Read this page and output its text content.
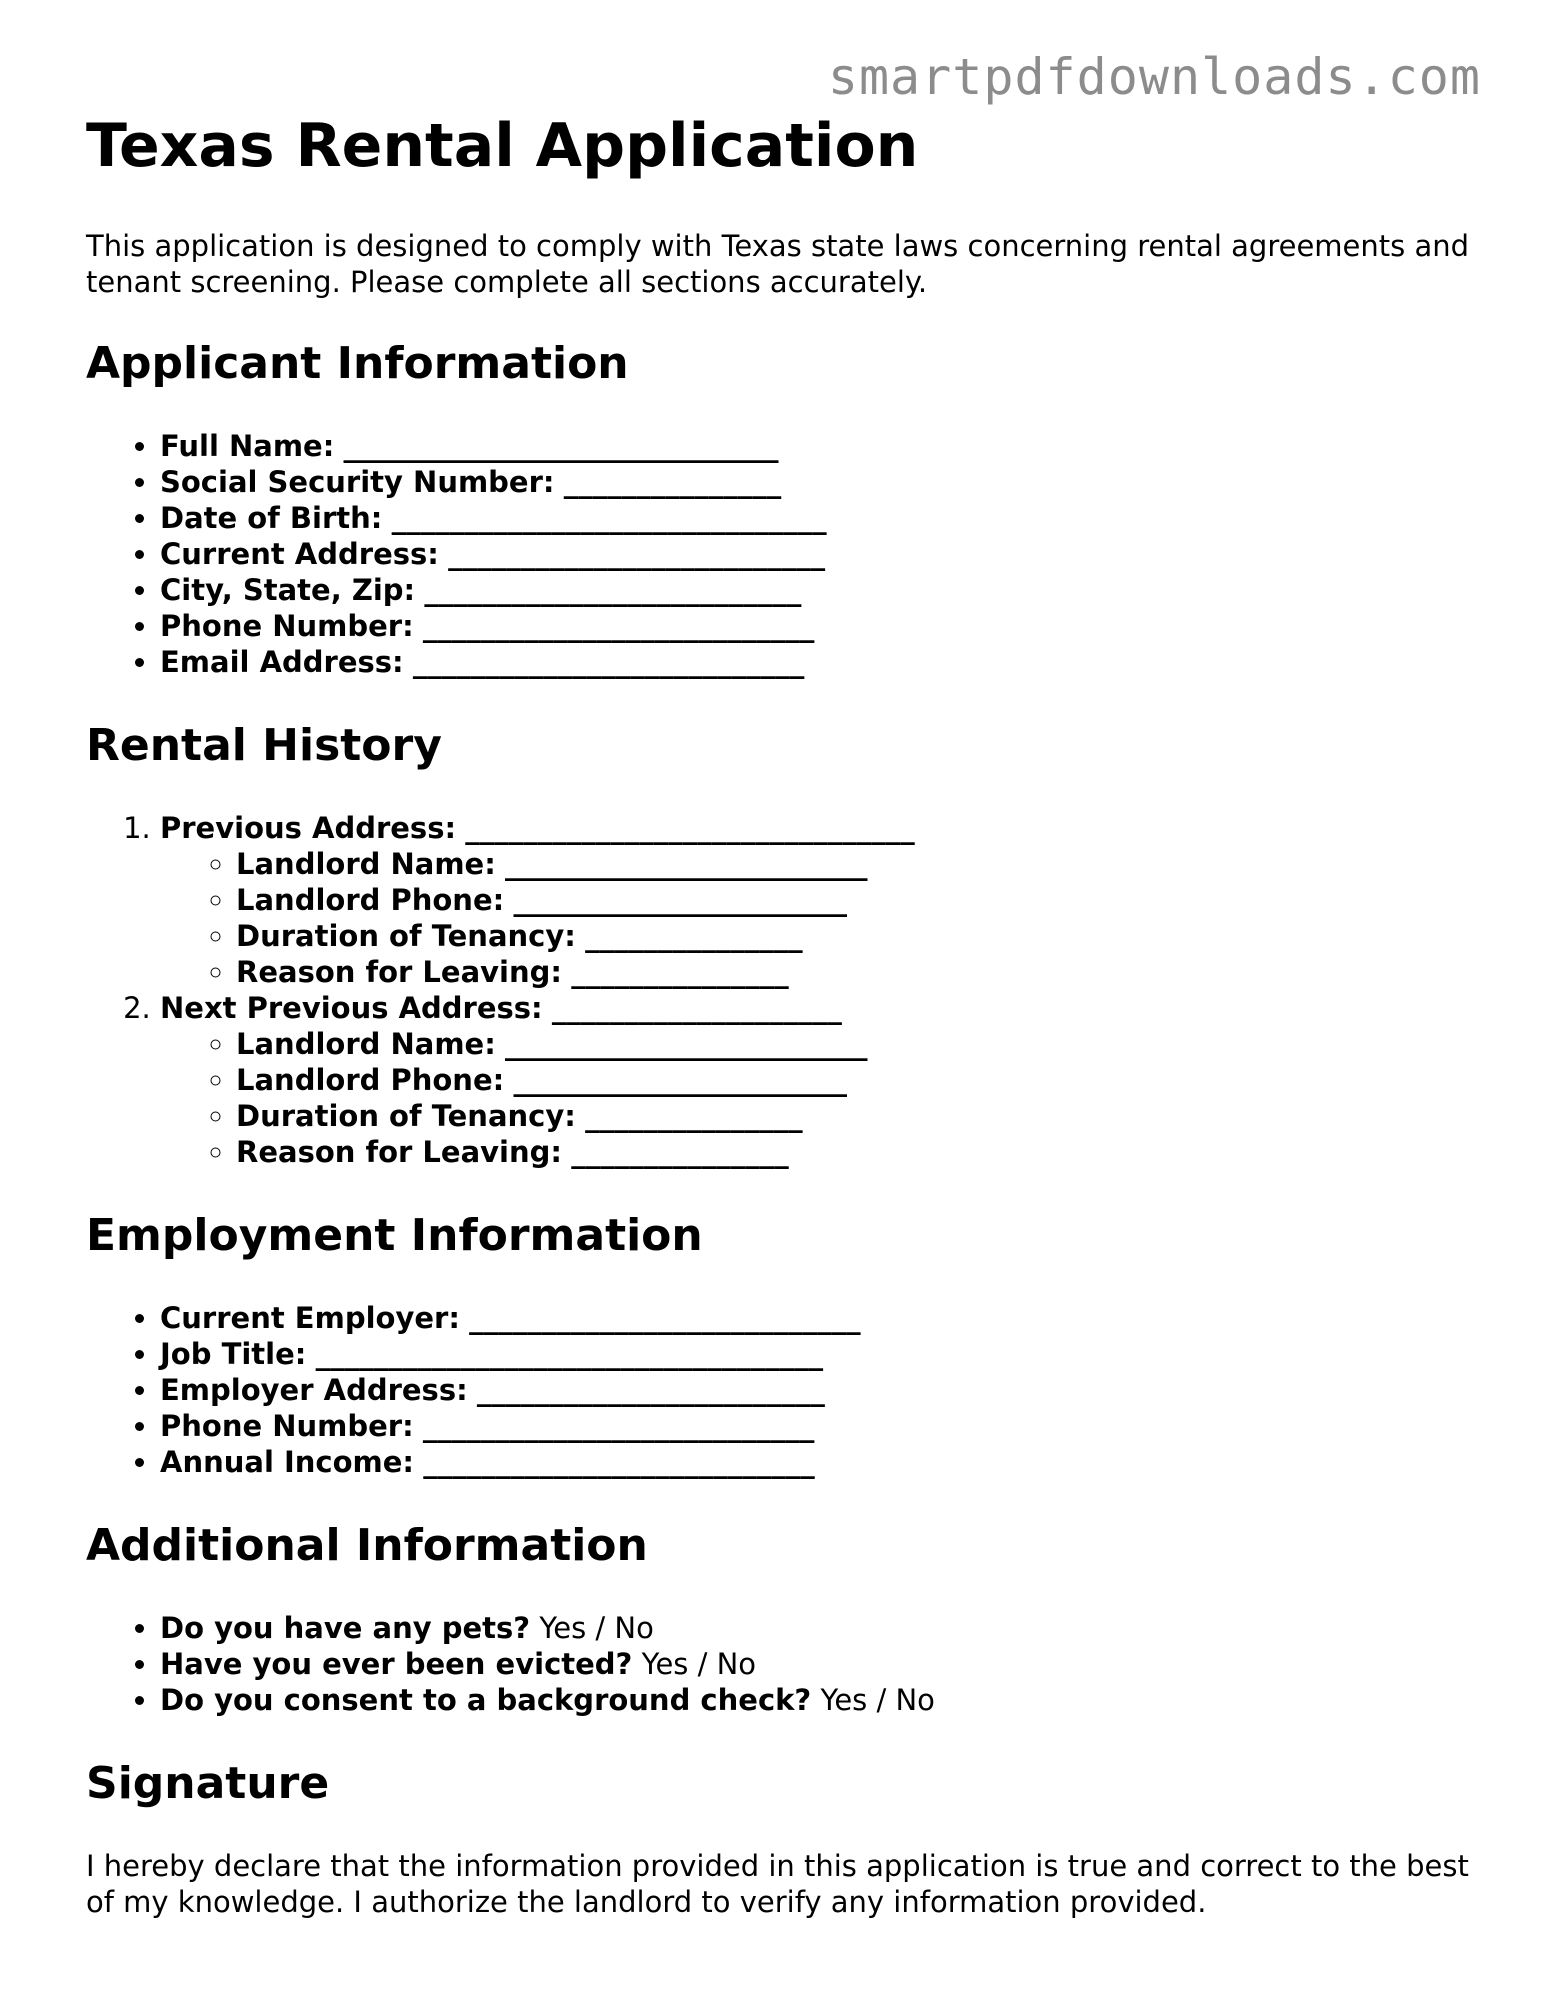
smartpdfdownloads.com
Texas Rental Application

This application is designed to comply with Texas state laws concerning rental agreements and tenant screening. Please complete all sections accurately.

Applicant Information
• Full Name: ______________________________
• Social Security Number: _______________
• Date of Birth: ______________________________
• Current Address: __________________________
• City, State, Zip: __________________________
• Phone Number: ___________________________
• Email Address: ___________________________
Rental History
1. Previous Address: _______________________________
◦ Landlord Name: _________________________
◦ Landlord Phone: _______________________
◦ Duration of Tenancy: _______________
◦ Reason for Leaving: _______________
2. Next Previous Address: ____________________
◦ Landlord Name: _________________________
◦ Landlord Phone: _______________________
◦ Duration of Tenancy: _______________
◦ Reason for Leaving: _______________
Employment Information
• Current Employer: ___________________________
• Job Title: ___________________________________
• Employer Address: ________________________
• Phone Number: ___________________________
• Annual Income: ___________________________
Additional Information
• Do you have any pets? Yes / No
• Have you ever been evicted? Yes / No
• Do you consent to a background check? Yes / No
Signature

I hereby declare that the information provided in this application is true and correct to the best of my knowledge. I authorize the landlord to verify any information provided.
